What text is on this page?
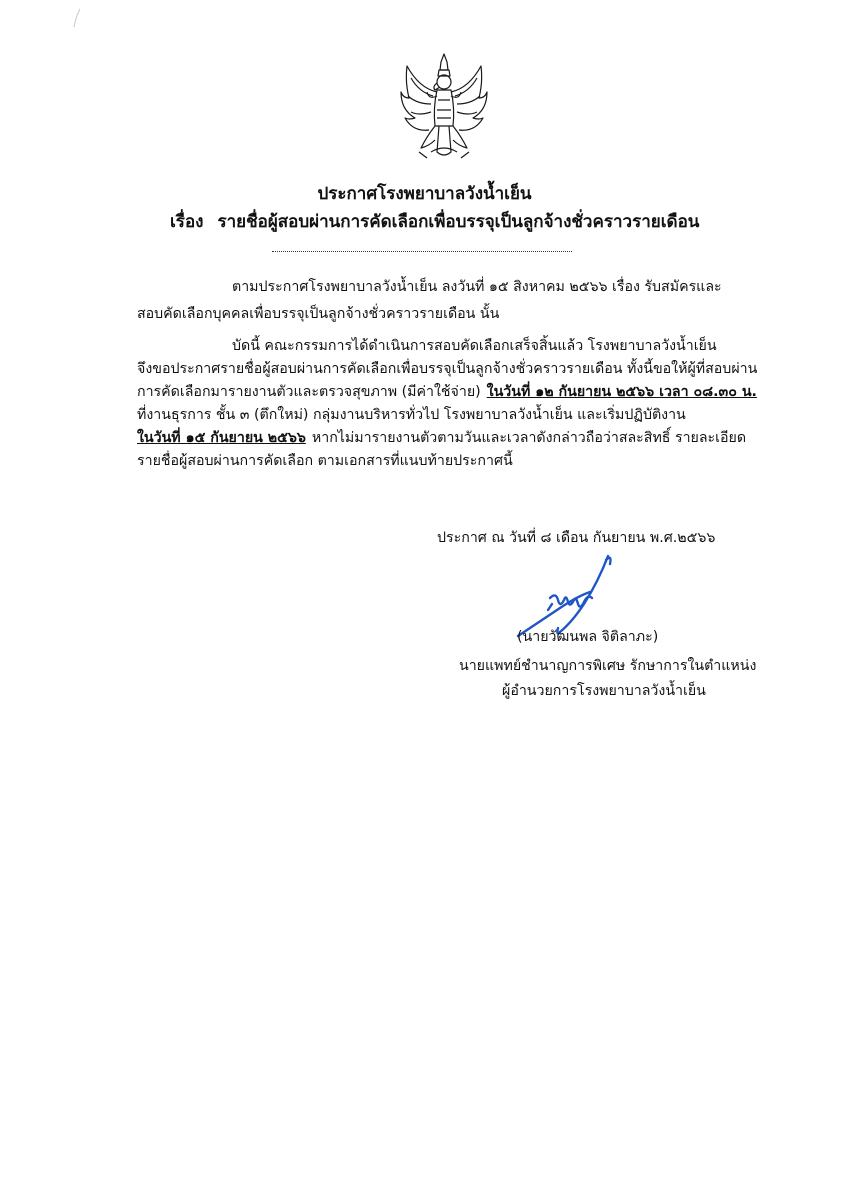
ประกาศโรงพยาบาลวังน้ำเย็น
เรื่อง รายชื่อผู้สอบผ่านการคัดเลือกเพื่อบรรจุเป็นลูกจ้างชั่วคราวรายเดือน
ตามประกาศโรงพยาบาลวังน้ำเย็น ลงวันที่ ๑๕ สิงหาคม ๒๕๖๖ เรื่อง รับสมัครและ
สอบคัดเลือกบุคคลเพื่อบรรจุเป็นลูกจ้างชั่วคราวรายเดือน นั้น
บัดนี้ คณะกรรมการได้ดำเนินการสอบคัดเลือกเสร็จสิ้นแล้ว โรงพยาบาลวังน้ำเย็น
จึงขอประกาศรายชื่อผู้สอบผ่านการคัดเลือกเพื่อบรรจุเป็นลูกจ้างชั่วคราวรายเดือน ทั้งนี้ขอให้ผู้ที่สอบผ่าน
การคัดเลือกมารายงานตัวและตรวจสุขภาพ (มีค่าใช้จ่าย) ในวันที่ ๑๒ กันยายน ๒๕๖๖ เวลา ๐๘.๓๐ น.
ที่งานธุรการ ชั้น ๓ (ตึกใหม่) กลุ่มงานบริหารทั่วไป โรงพยาบาลวังน้ำเย็น และเริ่มปฏิบัติงาน
ในวันที่ ๑๕ กันยายน ๒๕๖๖ หากไม่มารายงานตัวตามวันและเวลาดังกล่าวถือว่าสละสิทธิ์ รายละเอียด
รายชื่อผู้สอบผ่านการคัดเลือก ตามเอกสารที่แนบท้ายประกาศนี้
ประกาศ ณ วันที่ ๘ เดือน กันยายน พ.ศ.๒๕๖๖
(นายวัฒนพล จิติลาภะ)
นายแพทย์ชำนาญการพิเศษ รักษาการในตำแหน่ง
ผู้อำนวยการโรงพยาบาลวังน้ำเย็น
